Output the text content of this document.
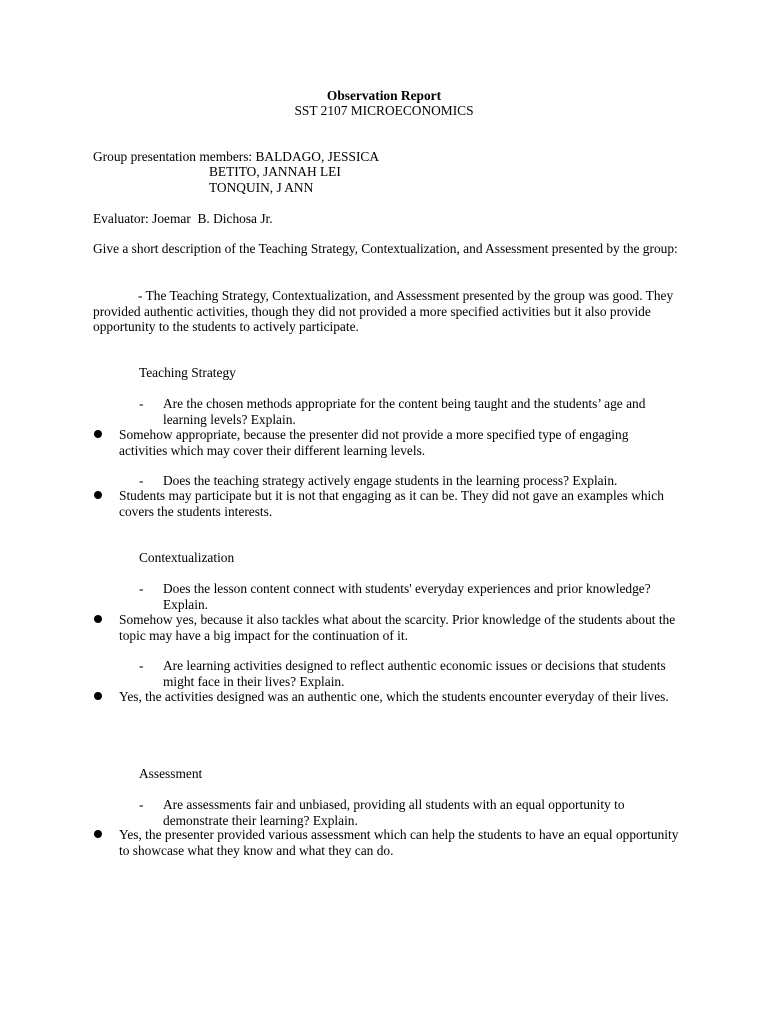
Observation Report
SST 2107 MICROECONOMICS
Group presentation members: BALDAGO, JESSICA
BETITO, JANNAH LEI
TONQUIN, J ANN
Evaluator: Joemar  B. Dichosa Jr.
Give a short description of the Teaching Strategy, Contextualization, and Assessment presented by the group:
- The Teaching Strategy, Contextualization, and Assessment presented by the group was good. They provided authentic activities, though they did not provided a more specified activities but it also provide opportunity to the students to actively participate.
Teaching Strategy
- Are the chosen methods appropriate for the content being taught and the students’ age and learning levels? Explain.
Somehow appropriate, because the presenter did not provide a more specified type of engaging activities which may cover their different learning levels.
- Does the teaching strategy actively engage students in the learning process? Explain.
Students may participate but it is not that engaging as it can be. They did not gave an examples which covers the students interests.
Contextualization
- Does the lesson content connect with students' everyday experiences and prior knowledge? Explain.
Somehow yes, because it also tackles what about the scarcity. Prior knowledge of the students about the topic may have a big impact for the continuation of it.
- Are learning activities designed to reflect authentic economic issues or decisions that students might face in their lives? Explain.
Yes, the activities designed was an authentic one, which the students encounter everyday of their lives.
Assessment
- Are assessments fair and unbiased, providing all students with an equal opportunity to demonstrate their learning? Explain.
Yes, the presenter provided various assessment which can help the students to have an equal opportunity to showcase what they know and what they can do.
